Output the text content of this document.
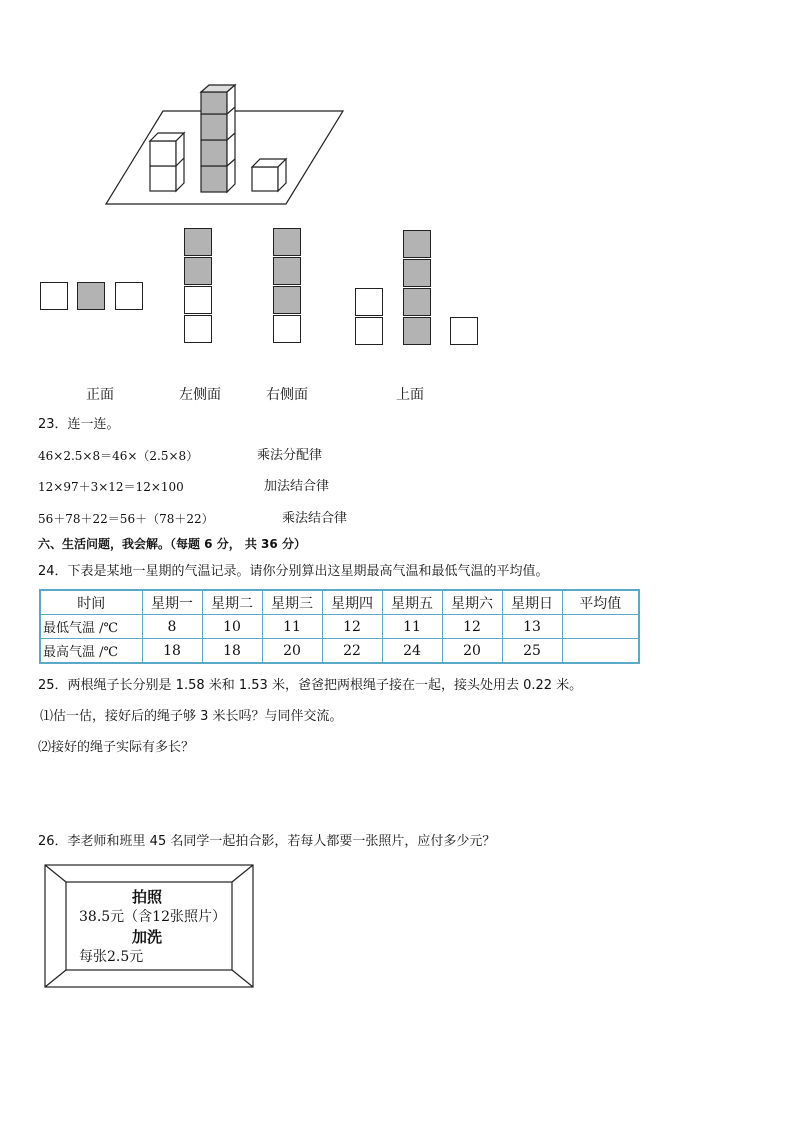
正面	左侧面	右侧面	上面
23．连一连。
46×2.5×8＝46×（2.5×8）	乘法分配律
12×97＋3×12＝12×100	加法结合律
56＋78＋22＝56＋（78＋22）	乘法结合律
六、生活问题，我会解。（每题 6 分， 共 36 分）
24．下表是某地一星期的气温记录。请你分别算出这星期最高气温和最低气温的平均值。
时间	星期一	星期二	星期三	星期四	星期五	星期六	星期日	平均值
最低气温 /℃	8	10	11	12	11	12	13	
最高气温 /℃	18	18	20	22	24	20	25	
25．两根绳子长分别是 1.58 米和 1.53 米，爸爸把两根绳子接在一起，接头处用去 0.22 米。
⑴估一估，接好后的绳子够 3 米长吗？与同伴交流。
⑵接好的绳子实际有多长？
26．李老师和班里 45 名同学一起拍合影，若每人都要一张照片，应付多少元？
拍照
38.5元（含12张照片）
加洗
每张2.5元
